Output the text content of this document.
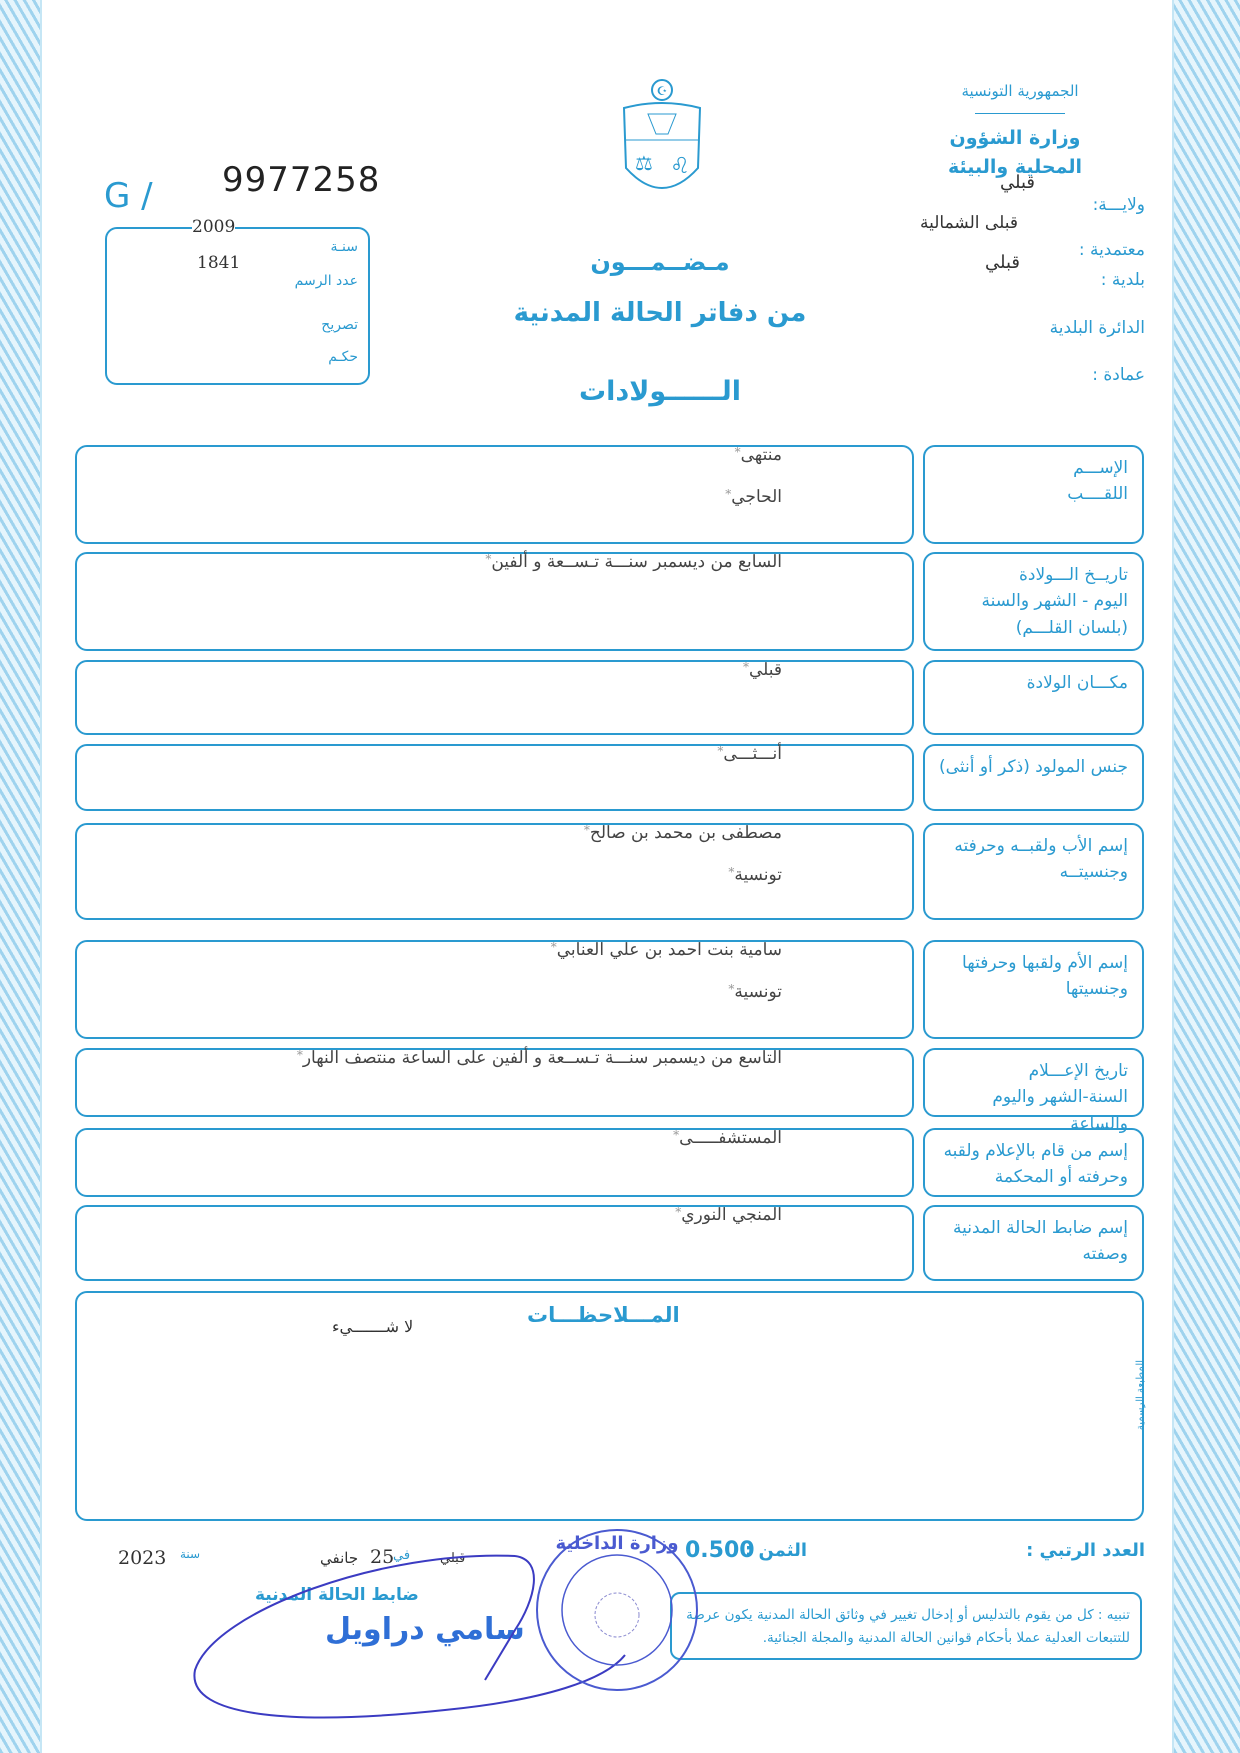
الجمهورية التونسية
وزارة الشؤون المحلية والبيئة
ولايـــة:
قبلي
قبلى الشمالية
معتمدية :
قبلي
بلدية :
الدائرة البلدية
عمادة :
☪
⚖ ♌
G / 9977258
2009
سنـة
1841
عدد الرسم
تصريح
حكـم
مـضــمـــون
من دفاتر الحالة المدنية
الــــــولادات
منتهى *
الحاجي *
الإســـم
اللقــــب
السابع من ديسمبر سنـــة تـســعة و ألفين *
تاريــخ الـــولادة
اليوم - الشهر والسنة
(بلسان القلـــم)
قبلي *
مكـــان الولادة
أنـــثـــى *
جنس المولود (ذكر أو أنثى)
مصطفى بن محمد بن صالح *
تونسية *
إسم الأب ولقبــه وحرفته
وجنسيتــه
سامية بنت احمد بن علي العنابي *
تونسية *
إسم الأم ولقبها وحرفتها
وجنسيتها
التاسع من ديسمبر سنـــة تـســعة و ألفين على الساعة منتصف النهار *
تاريخ الإعـــلام
السنة-الشهر واليوم والساعة
المستشفـــــى *
إسم من قام بالإعلام ولقبه
وحرفته أو المحكمة
المنجي النوري *
إسم ضابط الحالة المدنية
وصفته
المـــلاحظـــات
لا شـــــــيء
المطبعة الرسمية
العدد الرتبي :
الثمن :
0.500
2023 سنة	جانفي 25
في قبلي
ضابط الحالة المدنية
سامي دراويل	تنبيه : كل من يقوم بالتدليس أو إدخال تغيير في وثائق الحالة المدنية يكون عرضة للتتبعات العدلية عملا بأحكام قوانين الحالة المدنية والمجلة الجنائية.
وزارة الداخلية
